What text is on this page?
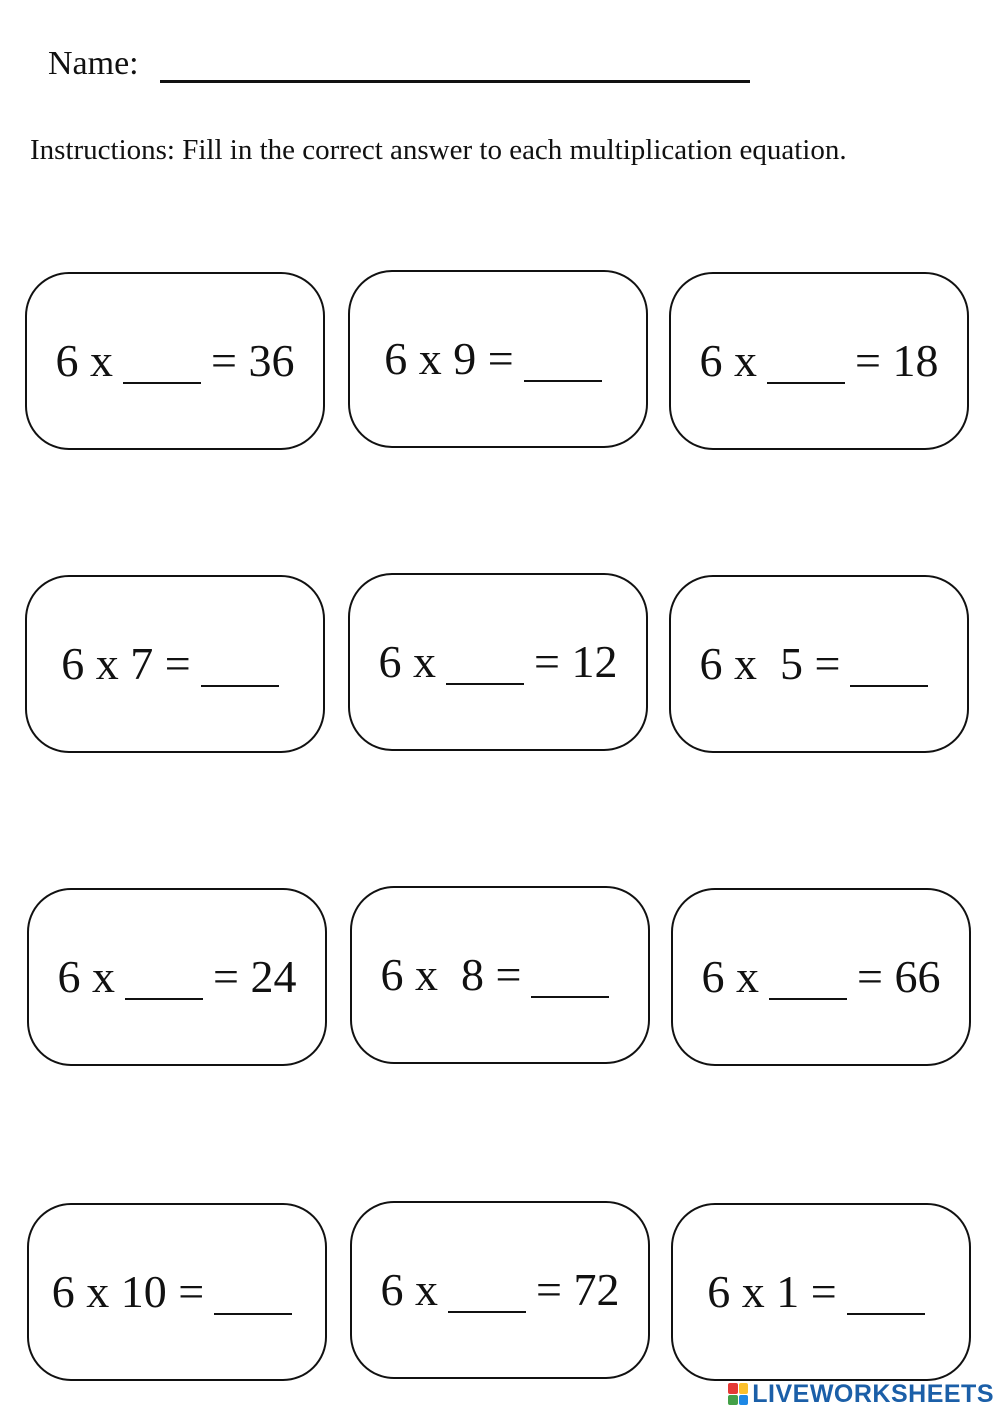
Name:
Instructions: Fill in the correct answer to each multiplication equation.
6 x = 36	6 x 9 =	6 x = 18
6 x 7 =	6 x = 12	6 x  5 =
6 x = 24	6 x  8 =	6 x = 66
6 x 10 =	6 x = 72	6 x 1 =
LIVEWORKSHEETS
